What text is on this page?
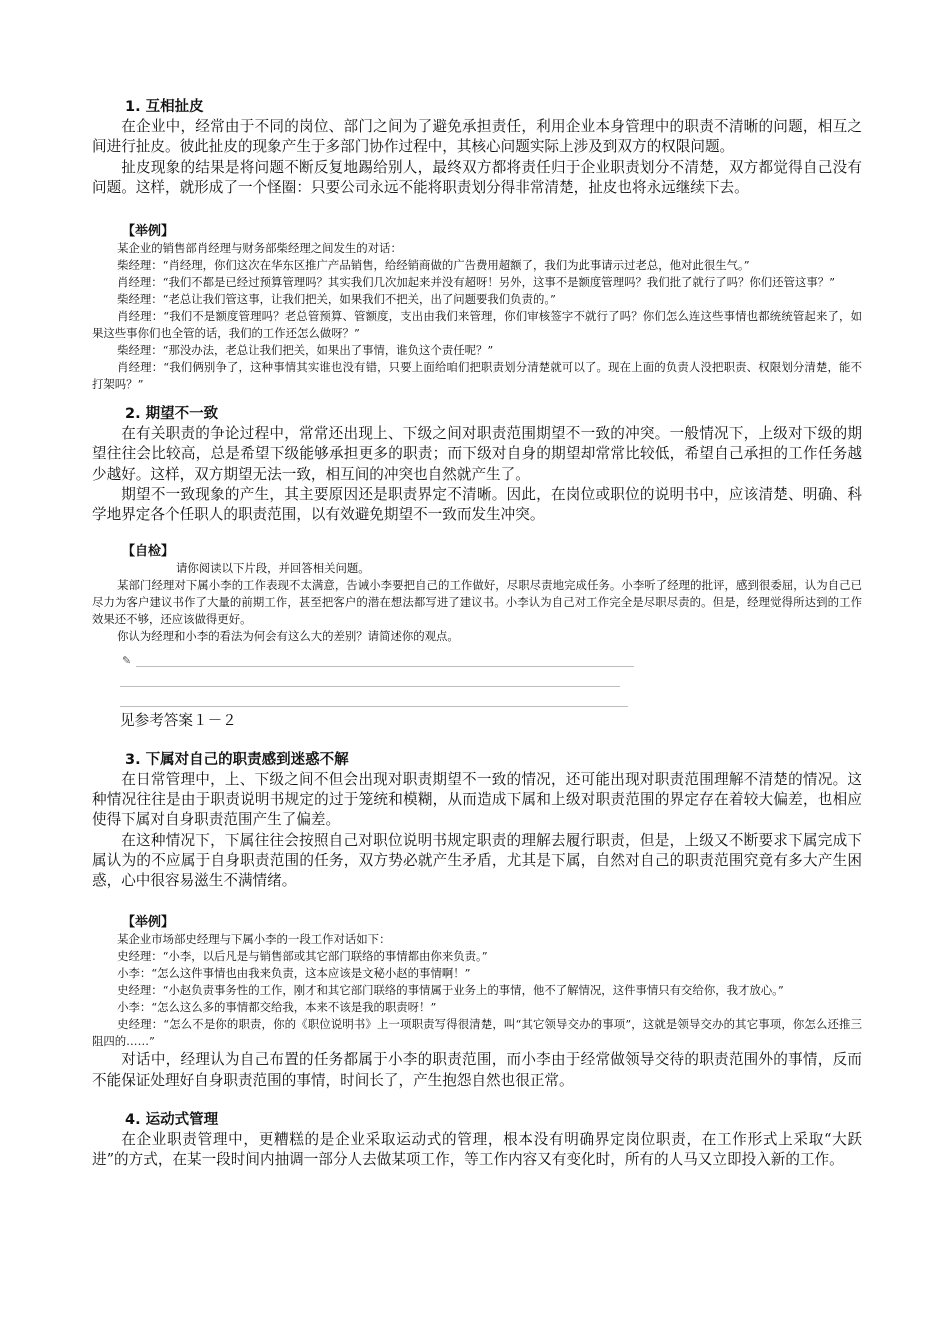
1. 互相扯皮

在企业中，经常由于不同的岗位、部门之间为了避免承担责任，利用企业本身管理中的职责不清晰的问题，相互之间进行扯皮。彼此扯皮的现象产生于多部门协作过程中，其核心问题实际上涉及到双方的权限问题。

扯皮现象的结果是将问题不断反复地踢给别人，最终双方都将责任归于企业职责划分不清楚，双方都觉得自己没有问题。这样，就形成了一个怪圈：只要公司永远不能将职责划分得非常清楚，扯皮也将永远继续下去。

【举例】

某企业的销售部肖经理与财务部柴经理之间发生的对话：

柴经理：“肖经理，你们这次在华东区推广产品销售，给经销商做的广告费用超额了，我们为此事请示过老总，他对此很生气。”

肖经理：“我们不都是已经过预算管理吗？其实我们几次加起来并没有超呀！另外，这事不是额度管理吗？我们批了就行了吗？你们还管这事？”

柴经理：“老总让我们管这事，让我们把关，如果我们不把关，出了问题要我们负责的。”

肖经理：“我们不是额度管理吗？老总管预算、管额度，支出由我们来管理，你们审核签字不就行了吗？你们怎么连这些事情也都统统管起来了，如果这些事你们也全管的话，我们的工作还怎么做呀？”

柴经理：“那没办法，老总让我们把关，如果出了事情，谁负这个责任呢？”

肖经理：“我们俩别争了，这种事情其实谁也没有错，只要上面给咱们把职责划分清楚就可以了。现在上面的负责人没把职责、权限划分清楚，能不打架吗？”

2. 期望不一致

在有关职责的争论过程中，常常还出现上、下级之间对职责范围期望不一致的冲突。一般情况下，上级对下级的期望往往会比较高，总是希望下级能够承担更多的职责；而下级对自身的期望却常常比较低，希望自己承担的工作任务越少越好。这样，双方期望无法一致，相互间的冲突也自然就产生了。

期望不一致现象的产生，其主要原因还是职责界定不清晰。因此，在岗位或职位的说明书中，应该清楚、明确、科学地界定各个任职人的职责范围，以有效避免期望不一致而发生冲突。

【自检】

请你阅读以下片段，并回答相关问题。

某部门经理对下属小李的工作表现不太满意，告诫小李要把自己的工作做好，尽职尽责地完成任务。小李听了经理的批评，感到很委屈，认为自己已尽力为客户建议书作了大量的前期工作，甚至把客户的潜在想法都写进了建议书。小李认为自己对工作完全是尽职尽责的。但是，经理觉得所达到的工作效果还不够，还应该做得更好。

你认为经理和小李的看法为何会有这么大的差别？请简述你的观点。

✎

见参考答案１－２

3. 下属对自己的职责感到迷惑不解

在日常管理中，上、下级之间不但会出现对职责期望不一致的情况，还可能出现对职责范围理解不清楚的情况。这种情况往往是由于职责说明书规定的过于笼统和模糊，从而造成下属和上级对职责范围的界定存在着较大偏差，也相应使得下属对自身职责范围产生了偏差。

在这种情况下，下属往往会按照自己对职位说明书规定职责的理解去履行职责，但是，上级又不断要求下属完成下属认为的不应属于自身职责范围的任务，双方势必就产生矛盾，尤其是下属，自然对自己的职责范围究竟有多大产生困惑，心中很容易滋生不满情绪。

【举例】

某企业市场部史经理与下属小李的一段工作对话如下：

史经理：“小李，以后凡是与销售部或其它部门联络的事情都由你来负责。”

小李：“怎么这件事情也由我来负责，这本应该是文秘小赵的事情啊！”

史经理：“小赵负责事务性的工作，刚才和其它部门联络的事情属于业务上的事情，他不了解情况，这件事情只有交给你，我才放心。”

小李：“怎么这么多的事情都交给我，本来不该是我的职责呀！”

史经理：“怎么不是你的职责，你的《职位说明书》上一项职责写得很清楚，叫“其它领导交办的事项”，这就是领导交办的其它事项，你怎么还推三阻四的……”

对话中，经理认为自己布置的任务都属于小李的职责范围，而小李由于经常做领导交待的职责范围外的事情，反而不能保证处理好自身职责范围的事情，时间长了，产生抱怨自然也很正常。

4. 运动式管理

在企业职责管理中，更糟糕的是企业采取运动式的管理，根本没有明确界定岗位职责，在工作形式上采取“大跃进”的方式，在某一段时间内抽调一部分人去做某项工作，等工作内容又有变化时，所有的人马又立即投入新的工作。
